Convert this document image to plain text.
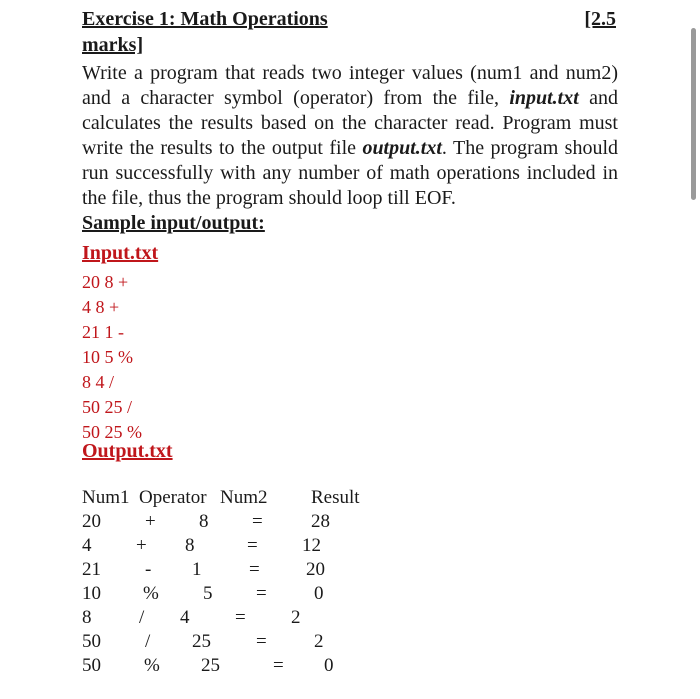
Exercise 1: Math Operations	[2.5

marks]
Write a program that reads two integer values (num1 and num2) and a character symbol (operator) from the file, input.txt and calculates the results based on the character read. Program must write the results to the output file output.txt. The program should run successfully with any number of math operations included in the file, thus the program should loop till EOF.
Sample input/output:
Input.txt
20 8 +
4 8 +
21 1 -
10 5 %
8 4 /
50 25 /
50 25 %
Output.txt
Num1 Operator Num2 Result
20 + 8 =	28
4 + 8	= 12
21 - 1	= 20
10 % 5 = 0
8	/ 4 = 2
50 / 25 = 2
50 % 25	= 0
